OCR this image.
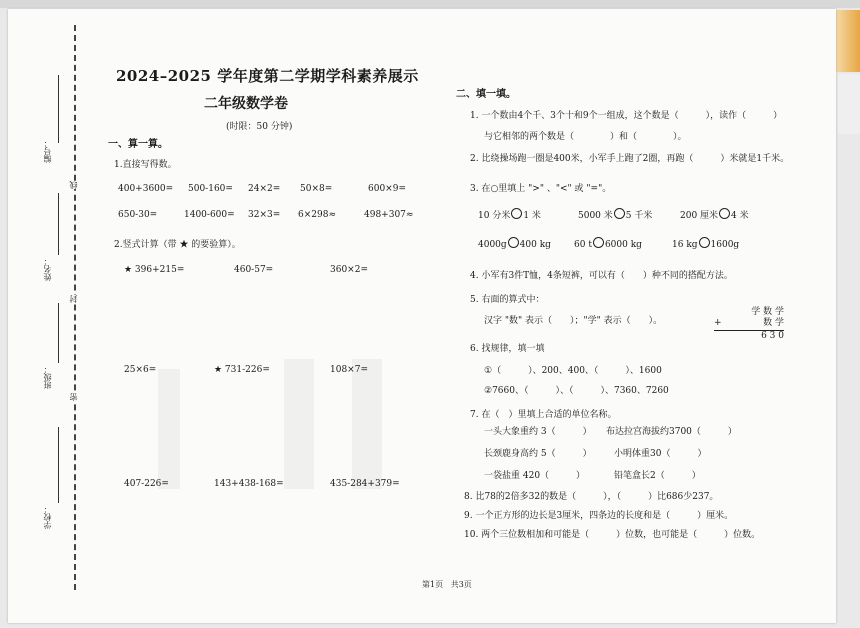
线
封
密
编号：
姓名：
班级：
学校：
2024–2025 学年度第二学期学科素养展示
二年级数学卷
(时限：50 分钟)
一、算一算。
1.直接写得数。
400+3600= 500-160= 24×2= 50×8=	600×9=
650-30=	1400-600= 32×3= 6×298≈	498+307≈
2.竖式计算（带 ★ 的要验算）。
★ 396+215=	460-57=	360×2=
25×6=	★ 731-226=	108×7=
407-226=	143+438-168=	435-284+379=
二、填一填。
1. 一个数由4个千、3个十和9个一组成，这个数是（　　　），读作（　　　）
与它相邻的两个数是（　　　　）和（　　　　）。
2. 比绕操场跑一圈是400米，小军手上跑了2圈，再跑（　　　）米就是1千米。
3. 在○里填上 ">" 、"<" 或 "="。
10 分米 1 米	5000 米 5 千米	200 厘米 4 米
4000g 400 kg	60 t 6000 kg	16 kg 1600g
4. 小军有3件T恤，4条短裤，可以有（　　）种不同的搭配方法。
5. 右面的算式中：
汉字 "数" 表示（　　）；"学" 表示（　　）。
学 数 学
+	数 学
6 3 0
6. 找规律，填一填
①（　　　）、200、400、（　　　）、1600
②7660、（　　　）、（　　　）、7360、7260
7. 在（　）里填上合适的单位名称。
一头大象重约 3（　　　） 布达拉宫海拔约3700（　　　）
长颈鹿身高约 5（　　　） 小明体重30（　　　）
一袋盐重 420（　　　）	铅笔盒长2（　　　）
8. 比78的2倍多32的数是（　　　），（　　　）比686少237。
9. 一个正方形的边长是3厘米，四条边的长度和是（　　　）厘米。
10. 两个三位数相加和可能是（　　　）位数，也可能是（　　　）位数。
第1页 共3页
